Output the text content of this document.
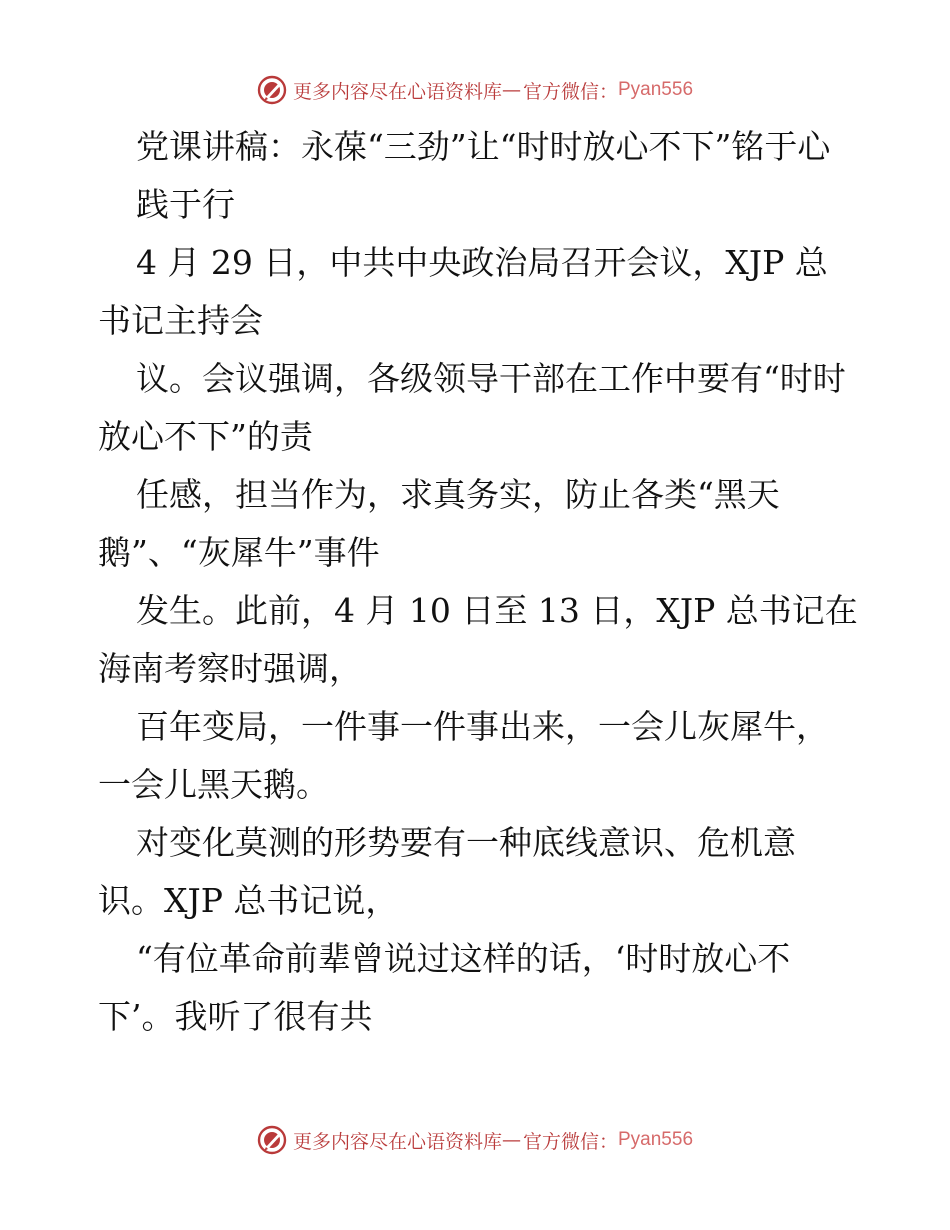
更多内容尽在心语资料库 — 官方微信： Pyan556

党课讲稿：永葆“三劲”让“时时放心不下”铭于心

践于行

4 月 29 日，中共中央政治局召开会议，XJP 总书记主持会

议。会议强调，各级领导干部在工作中要有“时时放心不下”的责

任感，担当作为，求真务实，防止各类“黑天鹅”、“灰犀牛”事件

发生。此前，4 月 10 日至 13 日，XJP 总书记在海南考察时强调，

百年变局，一件事一件事出来，一会儿灰犀牛，一会儿黑天鹅。

对变化莫测的形势要有一种底线意识、危机意识。XJP 总书记说，

“有位革命前辈曾说过这样的话，‘时时放心不下’。我听了很有共

更多内容尽在心语资料库 — 官方微信： Pyan556
